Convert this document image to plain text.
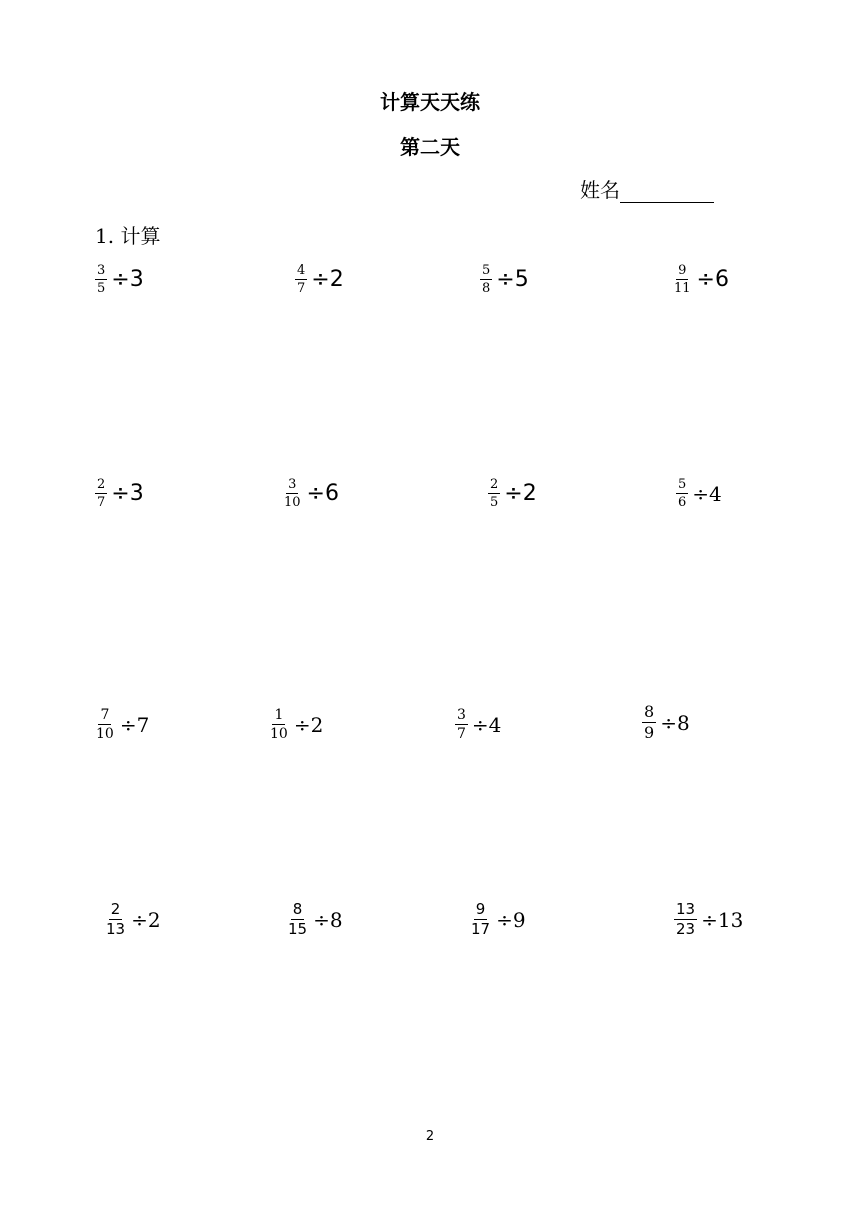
计算天天练
第二天
姓名
1. 计算
$\frac{3}{5} \div 3$	$\frac{4}{7} \div 2$	$\frac{5}{8} \div 5$	$\frac{9}{11} \div 6$
$\frac{2}{7} \div 3$	$\frac{3}{10} \div 6$	$\frac{2}{5} \div 2$	$\frac{5}{6} \div 4$
$\frac{7}{10} \div 7$	$\frac{1}{10} \div 2$	$\frac{3}{7} \div 4$	$\frac{8}{9} \div 8$
$\frac{2}{13} \div 2$	$\frac{8}{15} \div 8$	$\frac{9}{17} \div 9$	$\frac{13}{23} \div 13$
2
